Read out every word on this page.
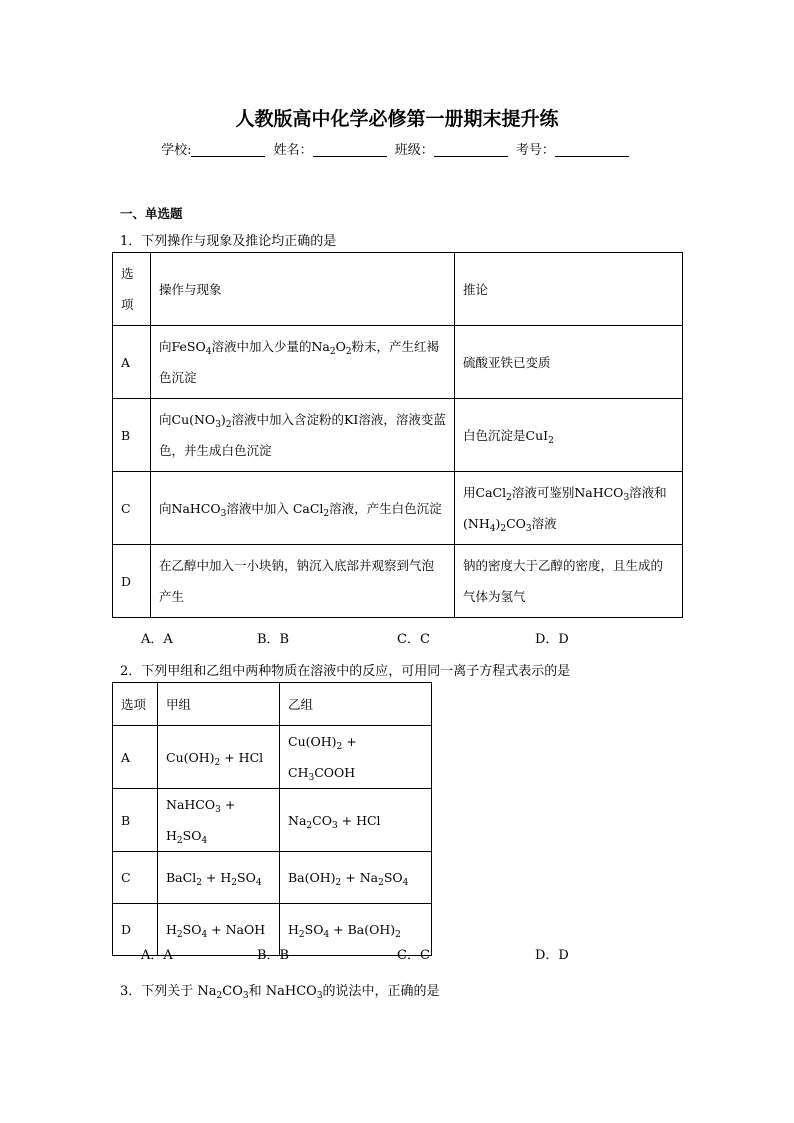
人教版高中化学必修第一册期末提升练
学校:	姓名：	班级：	考号：
一、单选题
1．下列操作与现象及推论均正确的是
选项	操作与现象	推论
A	向FeSO$_4$溶液中加入少量的$Na_2O_2$粉末，产生红褐色沉淀	硫酸亚铁已变质
B	向$Cu(NO_3)_2$溶液中加入含淀粉的KI溶液，溶液变蓝色，并生成白色沉淀	白色沉淀是CuI$_2$
C	向NaHCO$_3$溶液中加入 CaCl$_2$溶液，产生白色沉淀	用CaCl$_2$溶液可鉴别NaHCO$_3$溶液和$(NH_4)_2CO_3$溶液
D	在乙醇中加入一小块钠，钠沉入底部并观察到气泡产生	钠的密度大于乙醇的密度，且生成的气体为氢气
A．A	B．B	C．C	D．D
2．下列甲组和乙组中两种物质在溶液中的反应，可用同一离子方程式表示的是
选项	甲组	乙组
A	$Cu(OH)_2$ + HCl	$Cu(OH)_2$ + $CH_3COOH$
B	NaHCO$_3$ + $H_2SO_4$	$Na_2CO_3$ + HCl
C	BaCl$_2$ + $H_2SO_4$	$Ba(OH)_2 + Na_2SO_4$
D	$H_2SO_4$ + NaOH	$H_2SO_4 + Ba(OH)_2$
A．A	B．B	C．C	D．D
3．下列关于 $Na_2CO_3$和 NaHCO$_3$的说法中，正确的是
